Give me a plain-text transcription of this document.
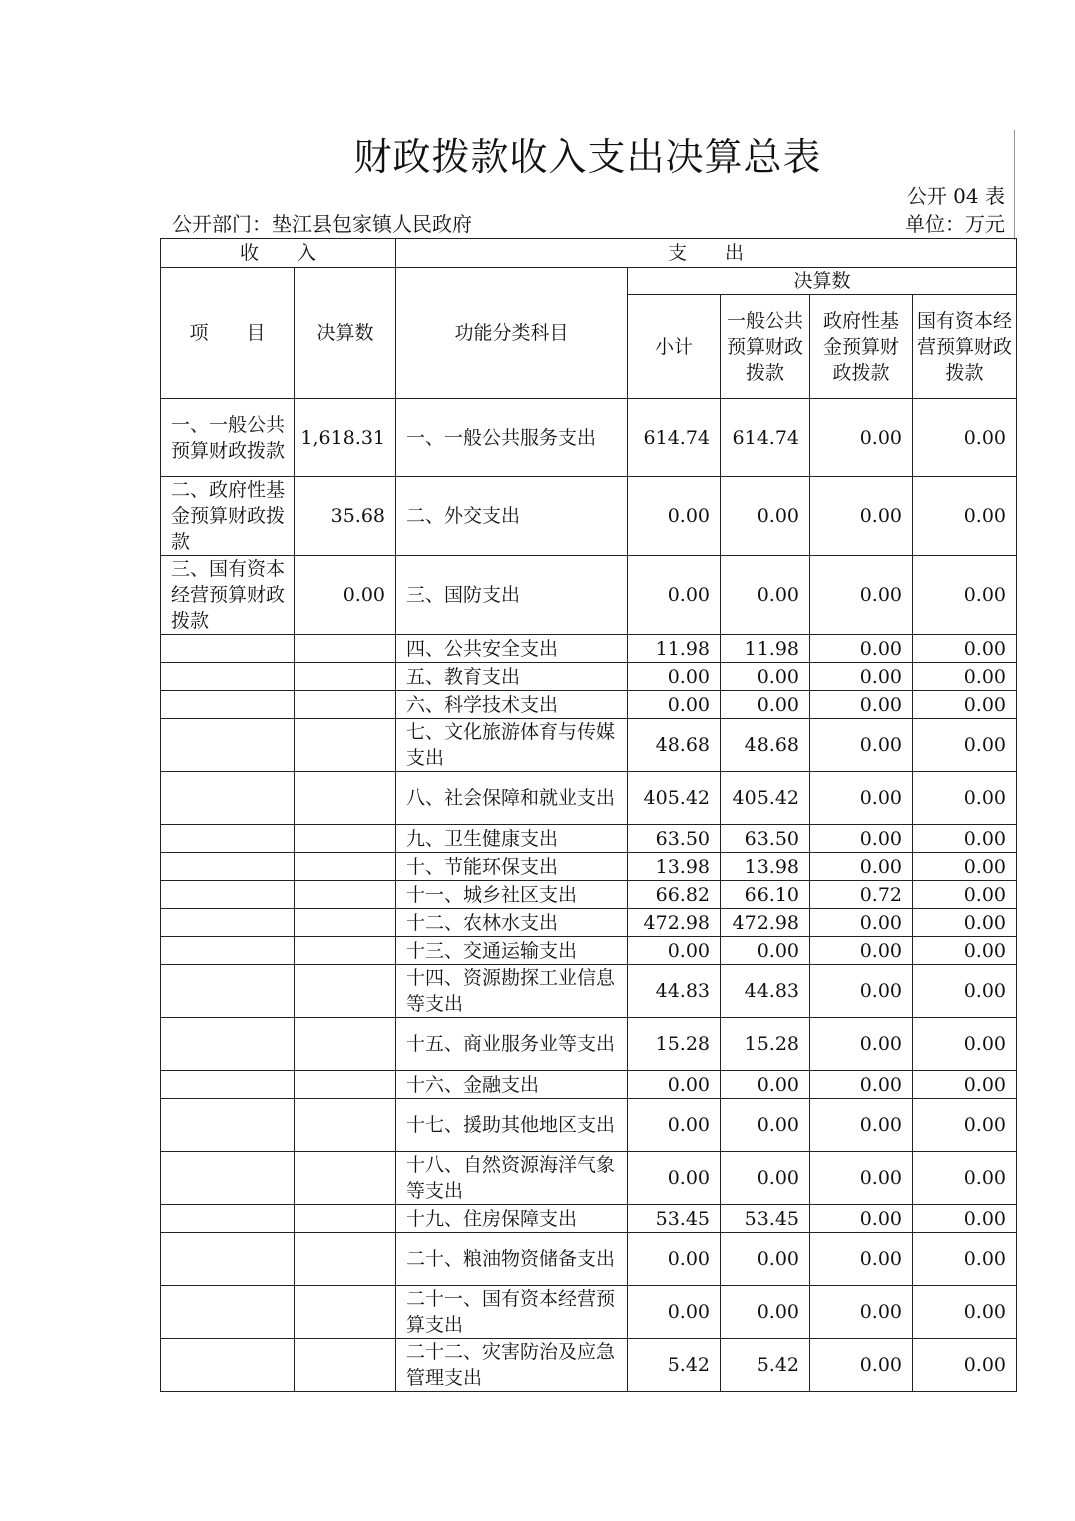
财政拨款收入支出决算总表
公开 04 表
公开部门：垫江县包家镇人民政府	单位：万元
收　　入		支　　出				
项　　目	决算数	功能分类科目	决算数			
			小计	一般公共预算财政拨款	政府性基金预算财政拨款	国有资本经营预算财政拨款
一、一般公共预算财政拨款	1,618.31	一、一般公共服务支出	614.74	614.74	0.00	0.00
二、政府性基金预算财政拨款	35.68	二、外交支出	0.00	0.00	0.00	0.00
三、国有资本经营预算财政拨款	0.00	三、国防支出	0.00	0.00	0.00	0.00
		四、公共安全支出	11.98	11.98	0.00	0.00
		五、教育支出	0.00	0.00	0.00	0.00
		六、科学技术支出	0.00	0.00	0.00	0.00
		七、文化旅游体育与传媒支出	48.68	48.68	0.00	0.00
		八、社会保障和就业支出	405.42	405.42	0.00	0.00
		九、卫生健康支出	63.50	63.50	0.00	0.00
		十、节能环保支出	13.98	13.98	0.00	0.00
		十一、城乡社区支出	66.82	66.10	0.72	0.00
		十二、农林水支出	472.98	472.98	0.00	0.00
		十三、交通运输支出	0.00	0.00	0.00	0.00
		十四、资源勘探工业信息等支出	44.83	44.83	0.00	0.00
		十五、商业服务业等支出	15.28	15.28	0.00	0.00
		十六、金融支出	0.00	0.00	0.00	0.00
		十七、援助其他地区支出	0.00	0.00	0.00	0.00
		十八、自然资源海洋气象等支出	0.00	0.00	0.00	0.00
		十九、住房保障支出	53.45	53.45	0.00	0.00
		二十、粮油物资储备支出	0.00	0.00	0.00	0.00
		二十一、国有资本经营预算支出	0.00	0.00	0.00	0.00
		二十二、灾害防治及应急管理支出	5.42	5.42	0.00	0.00
